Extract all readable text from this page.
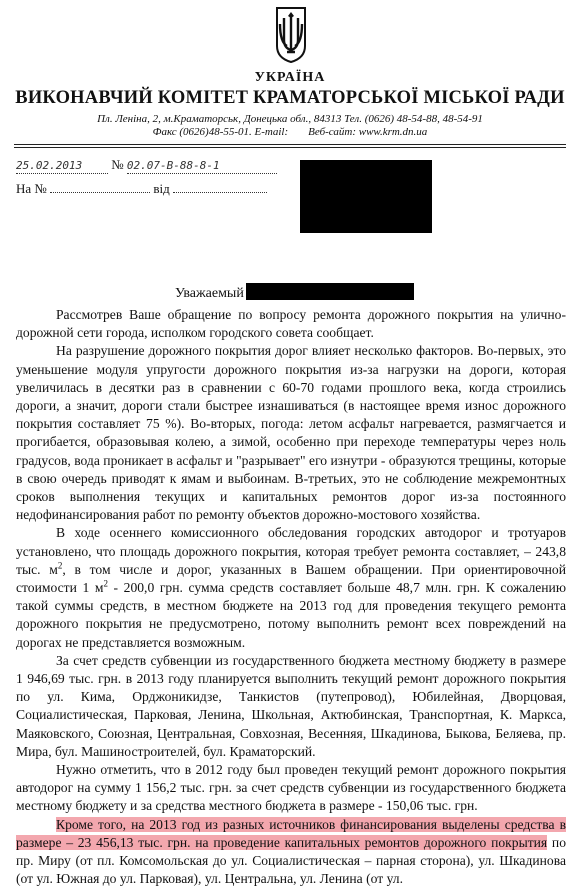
УКРАЇНА
ВИКОНАВЧИЙ КОМІТЕТ КРАМАТОРСЬКОЇ МІСЬКОЇ РАДИ
Пл. Леніна, 2, м.Краматорськ, Донецька обл., 84313 Тел. (0626) 48-54-88, 48-54-91
Факс (0626)48-55-01. E-mail: Веб-сайт: www.krm.dn.ua
25.02.2013 № 02.07-В-88-8-1
На №	від
Уважаемый

Рассмотрев Ваше обращение по вопросу ремонта дорожного покрытия на улично-дорожной сети города, исполком городского совета сообщает.

На разрушение дорожного покрытия дорог влияет несколько факторов. Во-первых, это уменьшение модуля упругости дорожного покрытия из-за нагрузки на дороги, которая увеличилась в десятки раз в сравнении с 60-70 годами прошлого века, когда строились дороги, а значит, дороги стали быстрее изнашиваться (в настоящее время износ дорожного покрытия составляет 75 %). Во-вторых, погода: летом асфальт нагревается, размягчается и прогибается, образовывая колею, а зимой, особенно при переходе температуры через ноль градусов, вода проникает в асфальт и "разрывает" его изнутри - образуются трещины, которые в свою очередь приводят к ямам и выбоинам. В-третьих, это не соблюдение межремонтных сроков выполнения текущих и капитальных ремонтов дорог из-за постоянного недофинансирования работ по ремонту объектов дорожно-мостового хозяйства.

В ходе осеннего комиссионного обследования городских автодорог и тротуаров установлено, что площадь дорожного покрытия, которая требует ремонта составляет, – 243,8 тыс. $м^2$, в том числе и дорог, указанных в Вашем обращении. При ориентировочной стоимости 1 $м^2 - 200,0$ грн. сумма средств составляет больше 48,7 млн. грн. К сожалению такой суммы средств, в местном бюджете на 2013 год для проведения текущего ремонта дорожного покрытия не предусмотрено, потому выполнить ремонт всех повреждений на дорогах не представляется возможным.

За счет средств субвенции из государственного бюджета местному бюджету в размере 1 946,69 тыс. грн. в 2013 году планируется выполнить текущий ремонт дорожного покрытия по ул. Кима, Орджоникидзе, Танкистов (путепровод), Юбилейная, Дворцовая, Социалистическая, Парковая, Ленина, Школьная, Актюбинская, Транспортная, К. Маркса, Маяковского, Союзная, Центральная, Совхозная, Весенняя, Шкадинова, Быкова, Беляева, пр. Мира, бул. Машиностроителей, бул. Краматорский.

Нужно отметить, что в 2012 году был проведен текущий ремонт дорожного покрытия автодорог на сумму 1 156,2 тыс. грн. за счет средств субвенции из государственного бюджета местному бюджету и за средства местного бюджета в размере - 150,06 тыс. грн.

Кроме того, на 2013 год из разных источников финансирования выделены средства в размере – 23 456,13 тыс. грн. на проведение капитальных ремонтов дорожного покрытия по пр. Миру (от пл. Комсомольская до ул. Социалистическая – парная сторона), ул. Шкадинова (от ул. Южная до ул. Парковая), ул. Центральна, ул. Ленина (от ул.
